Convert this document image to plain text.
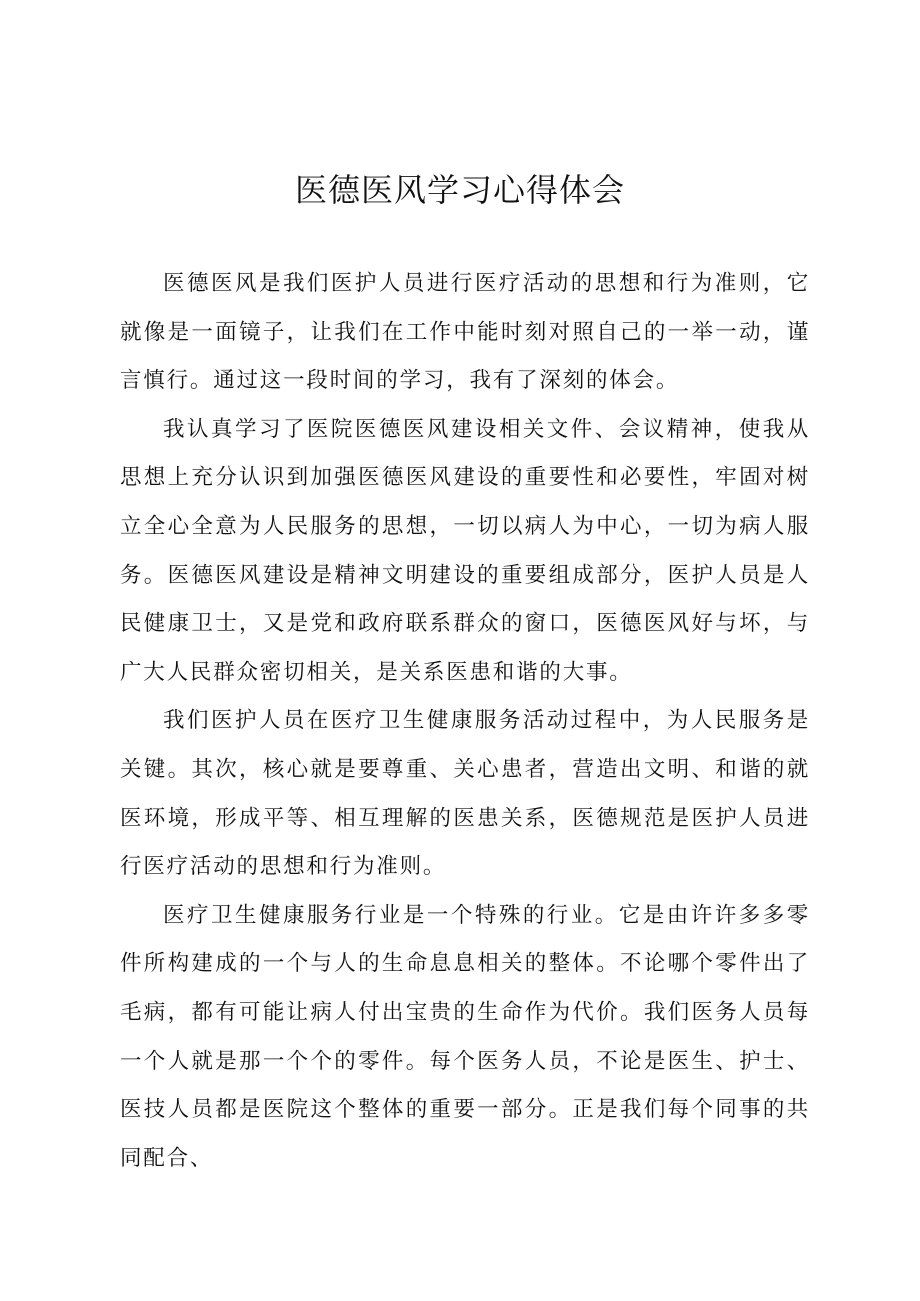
医德医风学习心得体会

医德医风是我们医护人员进行医疗活动的思想和行为准则，它就像是一面镜子，让我们在工作中能时刻对照自己的一举一动，谨言慎行。通过这一段时间的学习，我有了深刻的体会。

我认真学习了医院医德医风建设相关文件、会议精神，使我从思想上充分认识到加强医德医风建设的重要性和必要性，牢固对树立全心全意为人民服务的思想，一切以病人为中心，一切为病人服务。医德医风建设是精神文明建设的重要组成部分，医护人员是人民健康卫士，又是党和政府联系群众的窗口，医德医风好与坏，与广大人民群众密切相关，是关系医患和谐的大事。

我们医护人员在医疗卫生健康服务活动过程中，为人民服务是关键。其次，核心就是要尊重、关心患者，营造出文明、和谐的就医环境，形成平等、相互理解的医患关系，医德规范是医护人员进行医疗活动的思想和行为准则。

医疗卫生健康服务行业是一个特殊的行业。它是由许许多多零件所构建成的一个与人的生命息息相关的整体。不论哪个零件出了毛病，都有可能让病人付出宝贵的生命作为代价。我们医务人员每一个人就是那一个个的零件。每个医务人员，不论是医生、护士、医技人员都是医院这个整体的重要一部分。正是我们每个同事的共同配合、
